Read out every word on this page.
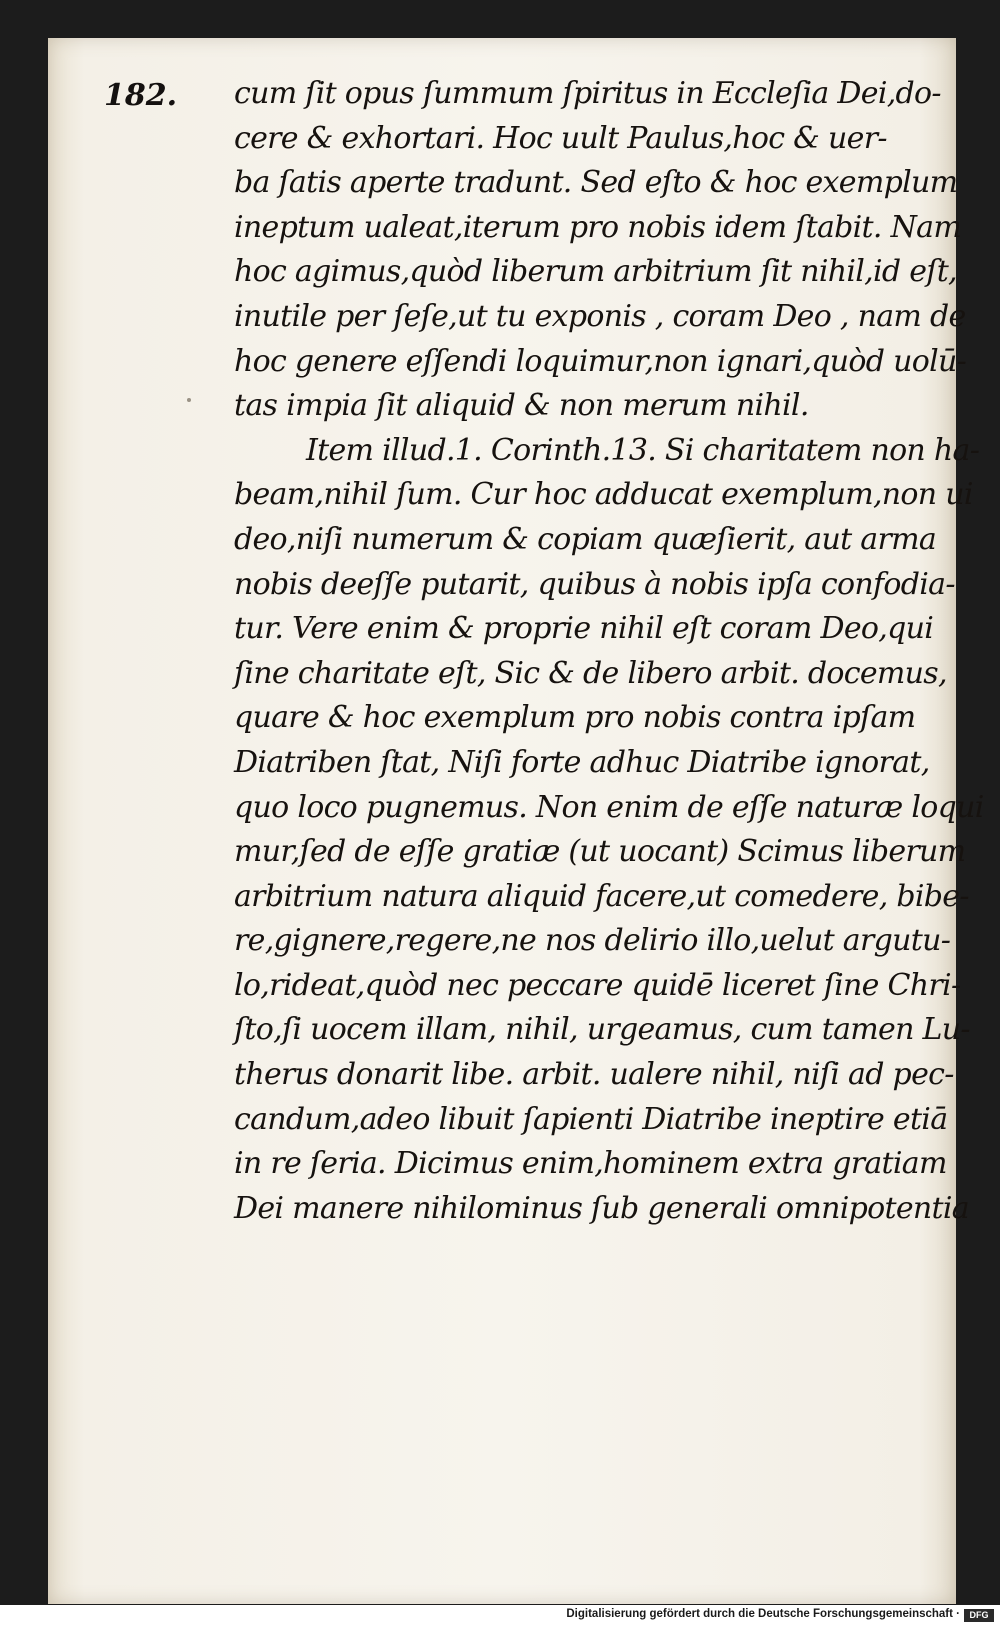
182. cum ſit opus ſummum ſpiritus in Eccleſia Dei,do-

cere & exhortari. Hoc uult Paulus,hoc & uer-

ba ſatis aperte tradunt. Sed eſto & hoc exemplum

ineptum ualeat,iterum pro nobis idem ſtabit. Nam

hoc agimus,quòd liberum arbitrium ſit nihil,id eſt,

inutile per ſeſe,ut tu exponis , coram Deo , nam de

hoc genere eſſendi loquimur,non ignari,quòd uolū-

tas impia ſit aliquid & non merum nihil.

Item illud.1. Corinth.13. Si charitatem non ha-

beam,nihil ſum. Cur hoc adducat exemplum,non ui

deo,niſi numerum & copiam quæſierit, aut arma

nobis deeſſe putarit, quibus à nobis ipſa confodia-

tur. Vere enim & proprie nihil eſt coram Deo,qui

ſine charitate eſt, Sic & de libero arbit. docemus,

quare & hoc exemplum pro nobis contra ipſam

Diatriben ſtat, Niſi forte adhuc Diatribe ignorat,

quo loco pugnemus. Non enim de eſſe naturæ loqui

mur,ſed de eſſe gratiæ (ut uocant) Scimus liberum

arbitrium natura aliquid facere,ut comedere, bibe-

re,gignere,regere,ne nos delirio illo,uelut argutu-

lo,rideat,quòd nec peccare quidē liceret ſine Chri-

ſto,ſi uocem illam, nihil, urgeamus, cum tamen Lu-

therus donarit libe. arbit. ualere nihil, niſi ad pec-

candum,adeo libuit ſapienti Diatribe ineptire etiā

in re ſeria. Dicimus enim,hominem extra gratiam

Dei manere nihilominus ſub generali omnipotentia

Digitalisierung gefördert durch die Deutsche Forschungsgemeinschaft ·	DFG
